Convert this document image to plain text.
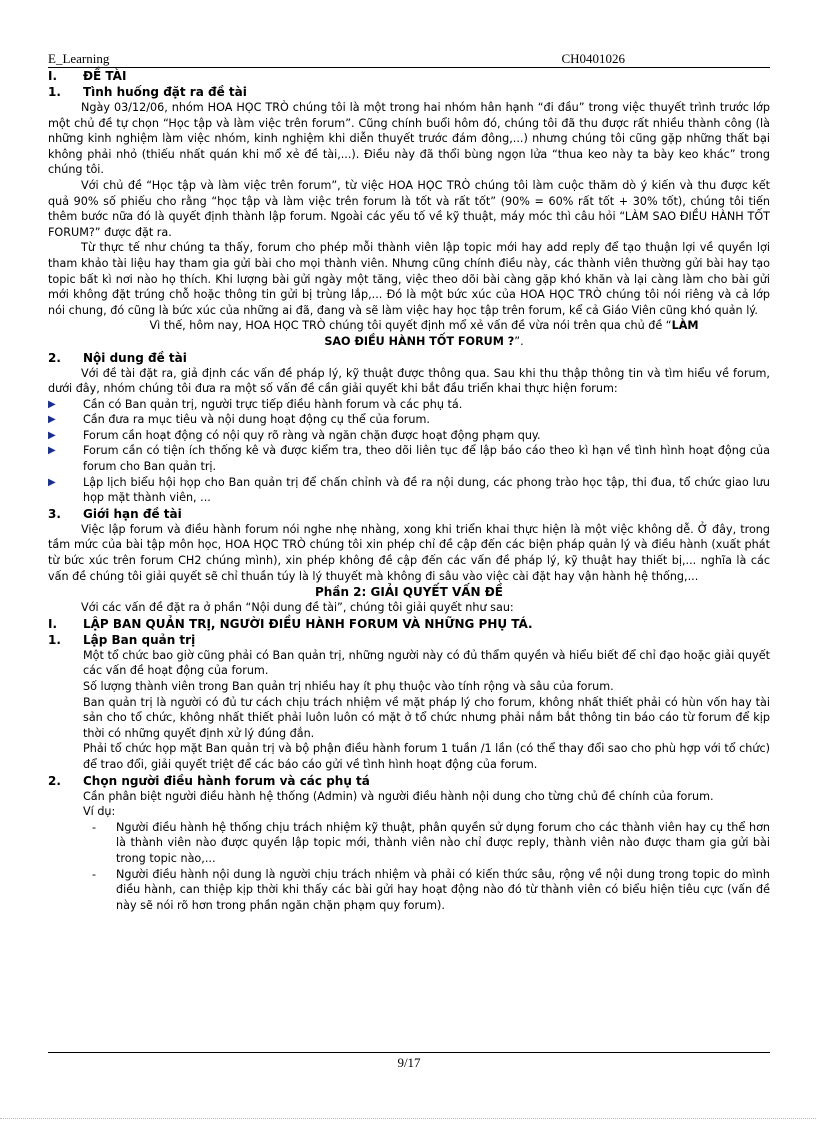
E_Learning	CH0401026
I.	ĐỀ TÀI
1.	Tình huống đặt ra đề tài

Ngày 03/12/06, nhóm HOA HỌC TRÒ chúng tôi là một trong hai nhóm hân hạnh “đi đầu” trong việc thuyết trình trước lớp một chủ đề tự chọn “Học tập và làm việc trên forum”. Cũng chính buổi hôm đó, chúng tôi đã thu được rất nhiều thành công (là những kinh nghiệm làm việc nhóm, kinh nghiệm khi diễn thuyết trước đám đông,...) nhưng chúng tôi cũng gặp những thất bại không phải nhỏ (thiếu nhất quán khi mổ xẻ đề tài,...). Điều này đã thổi bùng ngọn lửa “thua keo này ta bày keo khác” trong chúng tôi.

Với chủ đề “Học tập và làm việc trên forum”, từ việc HOA HỌC TRÒ chúng tôi làm cuộc thăm dò ý kiến và thu được kết quả 90% số phiếu cho rằng “học tập và làm việc trên forum là tốt và rất tốt” (90% = 60% rất tốt + 30% tốt), chúng tôi tiến thêm bước nữa đó là quyết định thành lập forum. Ngoài các yếu tố về kỹ thuật, máy móc thì câu hỏi “LÀM SAO ĐIỀU HÀNH TỐT FORUM?” được đặt ra.

Từ thực tế như chúng ta thấy, forum cho phép mỗi thành viên lập topic mới hay add reply để tạo thuận lợi về quyền lợi tham khảo tài liệu hay tham gia gửi bài cho mọi thành viên. Nhưng cũng chính điều này, các thành viên thường gửi bài hay tạo topic bất kì nơi nào họ thích. Khi lượng bài gửi ngày một tăng, việc theo dõi bài càng gặp khó khăn và lại càng làm cho bài gửi mới không đặt trúng chỗ hoặc thông tin gửi bị trùng lắp,... Đó là một bức xúc của HOA HỌC TRÒ chúng tôi nói riêng và cả lớp nói chung, đó cũng là bức xúc của những ai đã, đang và sẽ làm việc hay học tập trên forum, kể cả Giáo Viên cũng khó quản lý.

Vì thế, hôm nay, HOA HỌC TRÒ chúng tôi quyết định mổ xẻ vấn đề vừa nói trên qua chủ đề “LÀM SAO ĐIỀU HÀNH TỐT FORUM ?”.

2.	Nội dung đề tài

Với đề tài đặt ra, giả định các vấn đề pháp lý, kỹ thuật được thông qua. Sau khi thu thập thông tin và tìm hiểu về forum, dưới đây, nhóm chúng tôi đưa ra một số vấn đề cần giải quyết khi bắt đầu triển khai thực hiện forum:

▶	Cần có Ban quản trị, người trực tiếp điều hành forum và các phụ tá.
▶	Cần đưa ra mục tiêu và nội dung hoạt động cụ thể của forum.
▶	Forum cần hoạt động có nội quy rõ ràng và ngăn chặn được hoạt động phạm quy.
▶	Forum cần có tiện ích thống kê và được kiểm tra, theo dõi liên tục để lập báo cáo theo kì hạn về tình hình hoạt động của forum cho Ban quản trị.
▶	Lập lịch biểu hội họp cho Ban quản trị để chấn chỉnh và đề ra nội dung, các phong trào học tập, thi đua, tổ chức giao lưu họp mặt thành viên, ...
3.	Giới hạn đề tài

Việc lập forum và điều hành forum nói nghe nhẹ nhàng, xong khi triển khai thực hiện là một việc không dễ. Ở đây, trong tầm mức của bài tập môn học, HOA HỌC TRÒ chúng tôi xin phép chỉ đề cập đến các biện pháp quản lý và điều hành (xuất phát từ bức xúc trên forum CH2 chúng mình), xin phép không đề cập đến các vấn đề pháp lý, kỹ thuật hay thiết bị,... nghĩa là các vấn đề chúng tôi giải quyết sẽ chỉ thuần túy là lý thuyết mà không đi sâu vào việc cài đặt hay vận hành hệ thống,...

Phần 2: GIẢI QUYẾT VẤN ĐỀ

Với các vấn đề đặt ra ở phần “Nội dung đề tài”, chúng tôi giải quyết như sau:

I.	LẬP BAN QUẢN TRỊ, NGƯỜI ĐIỀU HÀNH FORUM VÀ NHỮNG PHỤ TÁ.
1.	Lập Ban quản trị

Một tổ chức bao giờ cũng phải có Ban quản trị, những người này có đủ thẩm quyền và hiểu biết để chỉ đạo hoặc giải quyết các vấn đề hoạt động của forum.

Số lượng thành viên trong Ban quản trị nhiều hay ít phụ thuộc vào tính rộng và sâu của forum.

Ban quản trị là người có đủ tư cách chịu trách nhiệm về mặt pháp lý cho forum, không nhất thiết phải có hùn vốn hay tài sản cho tổ chức, không nhất thiết phải luôn luôn có mặt ở tổ chức nhưng phải nắm bắt thông tin báo cáo từ forum để kịp thời có những quyết định xử lý đúng đắn.

Phải tổ chức họp mặt Ban quản trị và bộ phận điều hành forum 1 tuần /1 lần (có thể thay đổi sao cho phù hợp với tổ chức) để trao đổi, giải quyết triệt để các báo cáo gửi về tình hình hoạt động của forum.

2.	Chọn người điều hành forum và các phụ tá

Cần phân biệt người điều hành hệ thống (Admin) và người điều hành nội dung cho từng chủ đề chính của forum.

Ví dụ:

-	Người điều hành hệ thống chịu trách nhiệm kỹ thuật, phân quyền sử dụng forum cho các thành viên hay cụ thể hơn là thành viên nào được quyền lập topic mới, thành viên nào chỉ được reply, thành viên nào được tham gia gửi bài trong topic nào,...
-	Người điều hành nội dung là người chịu trách nhiệm và phải có kiến thức sâu, rộng về nội dung trong topic do mình điều hành, can thiệp kịp thời khi thấy các bài gửi hay hoạt động nào đó từ thành viên có biểu hiện tiêu cực (vấn đề này sẽ nói rõ hơn trong phần ngăn chặn phạm quy forum).
9/17
